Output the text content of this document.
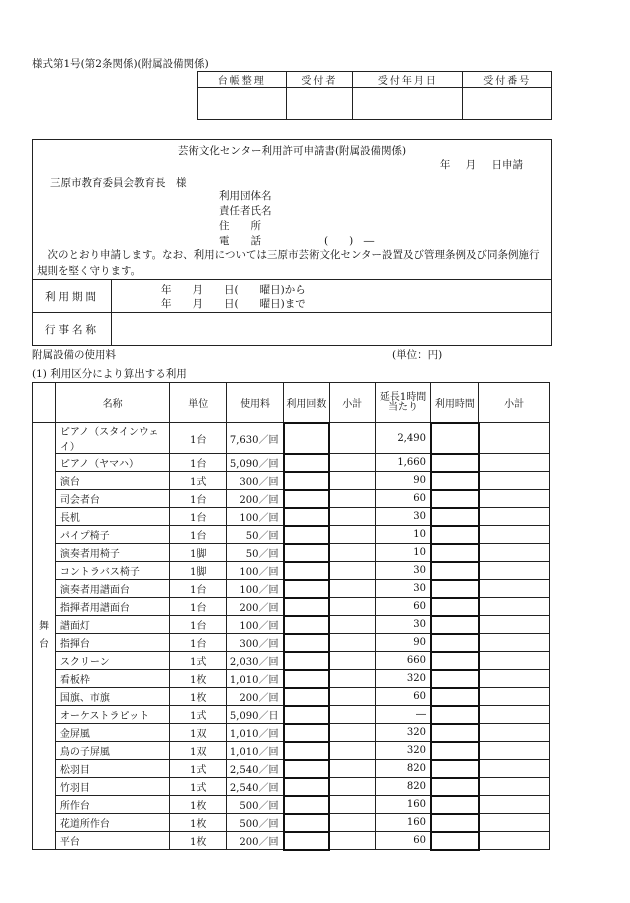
様式第1号(第2条関係)(附属設備関係)
台帳整理	受付者	受付年月日	受付番号

芸術文化センター利用許可申請書(附属設備関係)
年 月 日申請
三原市教育委員会教育長　様
利用団体名
責任者氏名
住　　所
電　　話　　　　　　(　　)　―
　次のとおり申請します。なお、利用については三原市芸術文化センター設置及び管理条例及び同条例施行規則を堅く守ります。
利用期間
年　　月　　日(　　曜日)から
年　　月　　日(　　曜日)まで
行事名称
附属設備の使用料	(単位：円)
(1) 利用区分により算出する利用
	名称	単位	使用料	利用回数	小計	延長1時間当たり	利用時間	小計
舞
台	ピアノ（スタインウェイ）	1台	7,630／回			2,490		
	ピアノ（ヤマハ）	1台	5,090／回			1,660		
	演台	1式	300／回			90		
	司会者台	1台	200／回			60		
	長机	1台	100／回			30		
	パイプ椅子	1台	50／回			10		
	演奏者用椅子	1脚	50／回			10		
	コントラバス椅子	1脚	100／回			30		
	演奏者用譜面台	1台	100／回			30		
	指揮者用譜面台	1台	200／回			60		
	譜面灯	1台	100／回			30		
	指揮台	1台	300／回			90		
	スクリーン	1式	2,030／回			660		
	看板枠	1枚	1,010／回			320		
	国旗、市旗	1枚	200／回			60		
	オーケストラピット	1式	5,090／日			―		
	金屏風	1双	1,010／回			320		
	鳥の子屏風	1双	1,010／回			320		
	松羽目	1式	2,540／回			820		
	竹羽目	1式	2,540／回			820		
	所作台	1枚	500／回			160		
	花道所作台	1枚	500／回			160		
	平台	1枚	200／回			60		
